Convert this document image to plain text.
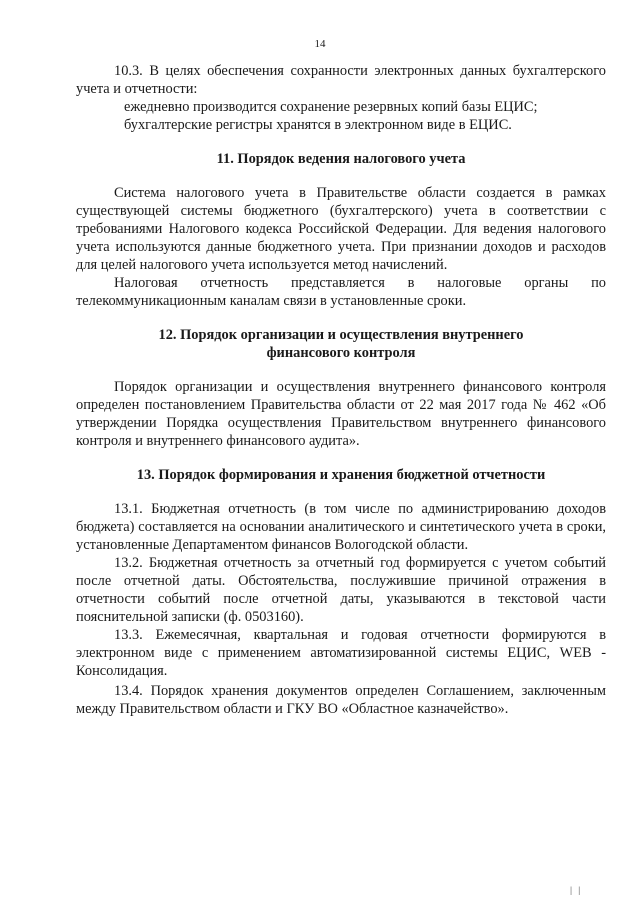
14

10.3. В целях обеспечения сохранности электронных данных бухгалтерского учета и отчетности:

ежедневно производится сохранение резервных копий базы ЕЦИС;

бухгалтерские регистры хранятся в электронном виде в ЕЦИС.

11. Порядок ведения налогового учета

Система налогового учета в Правительстве области создается в рамках существующей системы бюджетного (бухгалтерского) учета в соответствии с требованиями Налогового кодекса Российской Федерации. Для ведения налогового учета используются данные бюджетного учета. При признании доходов и расходов для целей налогового учета используется метод начислений.

Налоговая отчетность представляется в налоговые органы по телекоммуникационным каналам связи в установленные сроки.

12. Порядок организации и осуществления внутреннего
финансового контроля

Порядок организации и осуществления внутреннего финансового контроля определен постановлением Правительства области от 22 мая 2017 года № 462 «Об утверждении Порядка осуществления Правительством внутреннего финансового контроля и внутреннего финансового аудита».

13. Порядок формирования и хранения бюджетной отчетности

13.1. Бюджетная отчетность (в том числе по администрированию доходов бюджета) составляется на основании аналитического и синтетического учета в сроки, установленные Департаментом финансов Вологодской области.

13.2. Бюджетная отчетность за отчетный год формируется с учетом событий после отчетной даты. Обстоятельства, послужившие причиной отражения в отчетности событий после отчетной даты, указываются в текстовой части пояснительной записки (ф. 0503160).

13.3. Ежемесячная, квартальная и годовая отчетности формируются в электронном виде с применением автоматизированной системы ЕЦИС, WEB - Консолидация.

13.4. Порядок хранения документов определен Соглашением, заключенным между Правительством области и ГКУ ВО «Областное казначейство».

| |
